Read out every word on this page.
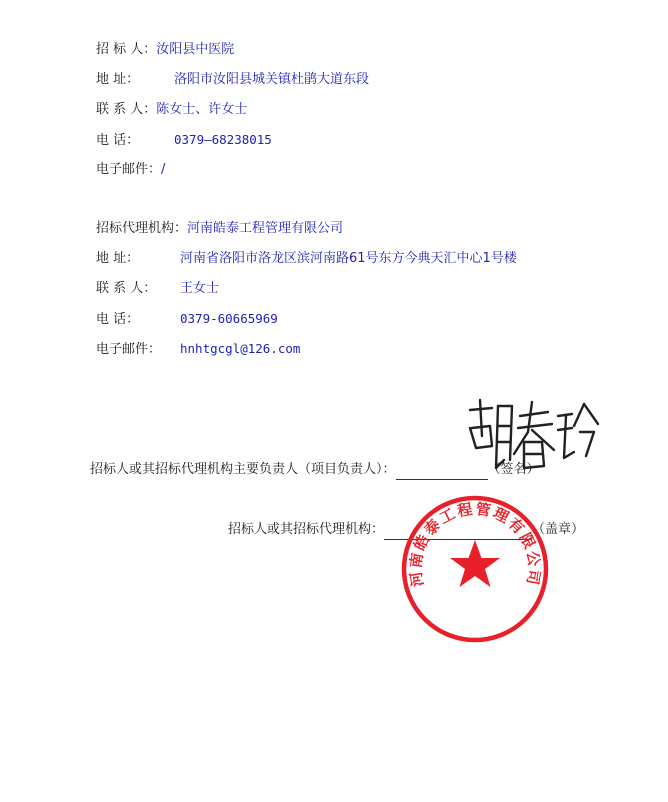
招 标 人：汝阳县中医院
地 址：	洛阳市汝阳县城关镇杜鹃大道东段
联 系 人：陈女士、许女士
电 话：	0379—68238015
电子邮件：/
招标代理机构：河南皓泰工程管理有限公司
地 址：	河南省洛阳市洛龙区滨河南路61号东方今典天汇中心1号楼
联 系 人： 王女士
电 话：	0379-60665969
电子邮件： hnhtgcgl@126.com
招标人或其招标代理机构主要负责人（项目负责人）：	（签名）
招标人或其招标代理机构：	（盖章）
河南皓泰工程管理有限公司
